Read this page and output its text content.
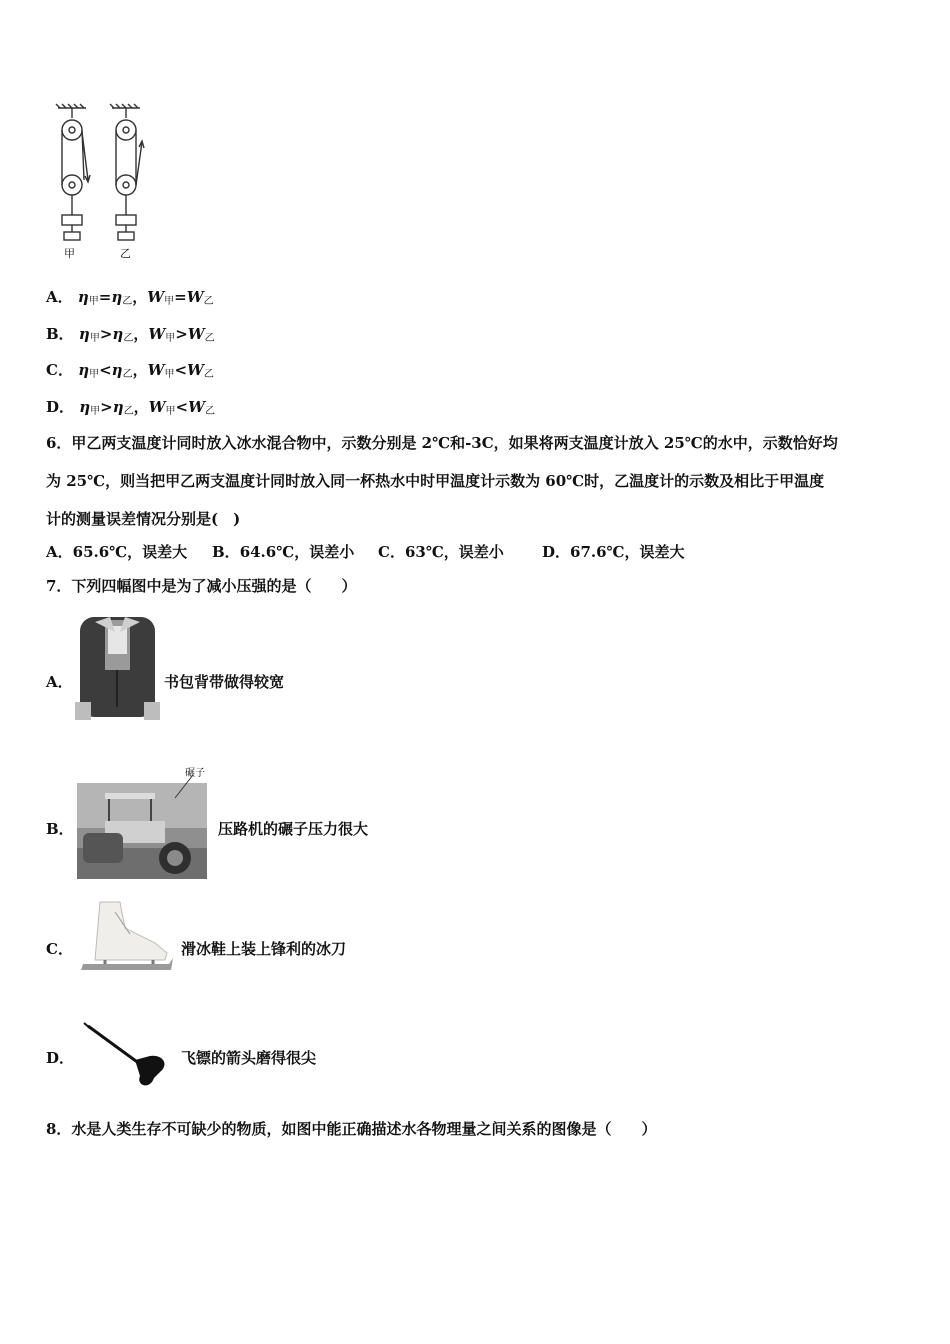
甲	乙
A． $\eta_甲=\eta_乙$，$W_甲=W_乙$
B． $\eta_甲>\eta_乙$，$W_甲>W_乙$
C． $\eta_甲<\eta_乙$，$W_甲<W_乙$
D． $\eta_甲>\eta_乙$，$W_甲<W_乙$
6．甲乙两支温度计同时放入冰水混合物中，示数分别是 2℃和-3C，如果将两支温度计放入 25℃的水中，示数恰好均
为 25℃，则当把甲乙两支温度计同时放入同一杯热水中时甲温度计示数为 60℃时，乙温度计的示数及相比于甲温度
计的测量误差情况分别是(　)
A．65.6℃，误差大 B．64.6℃，误差小 C．63℃，误差小	D．67.6℃，误差大
7．下列四幅图中是为了减小压强的是（　　）
A．	书包背带做得较宽
B．
碾子
压路机的碾子压力很大
C．	滑冰鞋上装上锋利的冰刀
D．	飞镖的箭头磨得很尖
8．水是人类生存不可缺少的物质，如图中能正确描述水各物理量之间关系的图像是（　　）
